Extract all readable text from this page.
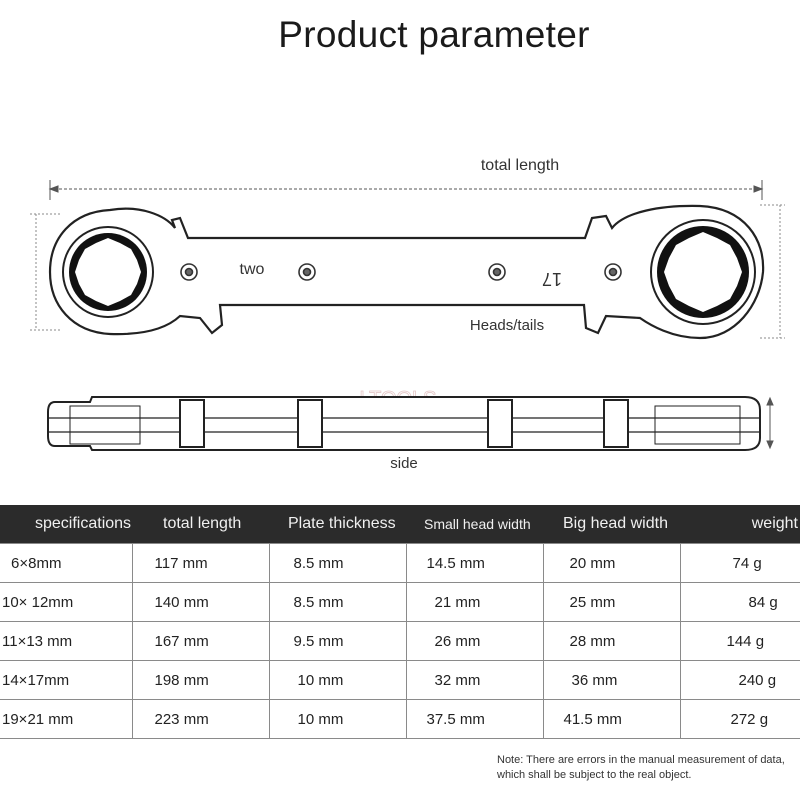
Product parameter
total length
two	17
Heads/tails
side
specifications	total length	Plate thickness	Small head width	Big head width	weight
6×8mm	117 mm	8.5 mm	14.5 mm	20 mm	74 g
10× 12mm	140 mm	8.5 mm	21 mm	25 mm	84 g
11×13 mm	167 mm	9.5 mm	26 mm	28 mm	144 g
14×17mm	198 mm	10 mm	32 mm	36 mm	240 g
19×21 mm	223 mm	10 mm	37.5 mm	41.5 mm	272 g
Note: There are errors in the manual measurement of data, which shall be subject to the real object.
